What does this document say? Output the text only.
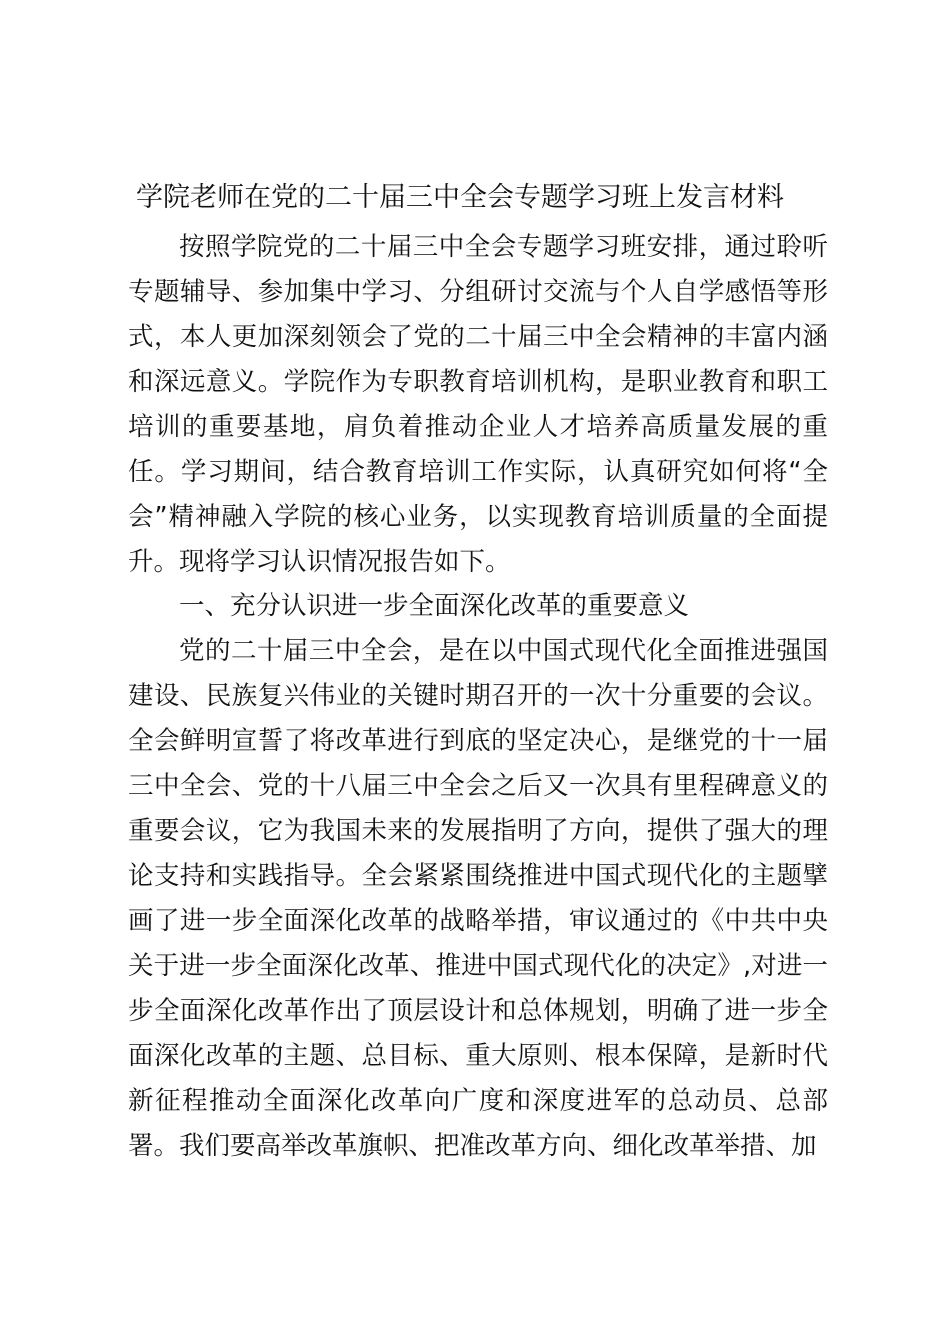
学院老师在党的二十届三中全会专题学习班上发言材料

按照学院党的二十届三中全会专题学习班安排，通过聆听专题辅导、参加集中学习、分组研讨交流与个人自学感悟等形式，本人更加深刻领会了党的二十届三中全会精神的丰富内涵和深远意义。学院作为专职教育培训机构，是职业教育和职工培训的重要基地，肩负着推动企业人才培养高质量发展的重任。学习期间，结合教育培训工作实际，认真研究如何将“全会”精神融入学院的核心业务，以实现教育培训质量的全面提升。现将学习认识情况报告如下。

一、充分认识进一步全面深化改革的重要意义

党的二十届三中全会，是在以中国式现代化全面推进强国建设、民族复兴伟业的关键时期召开的一次十分重要的会议。全会鲜明宣誓了将改革进行到底的坚定决心，是继党的十一届三中全会、党的十八届三中全会之后又一次具有里程碑意义的重要会议，它为我国未来的发展指明了方向，提供了强大的理论支持和实践指导。全会紧紧围绕推进中国式现代化的主题擘画了进一步全面深化改革的战略举措，审议通过的《中共中央关于进一步全面深化改革、推进中国式现代化的决定》,对进一步全面深化改革作出了顶层设计和总体规划，明确了进一步全面深化改革的主题、总目标、重大原则、根本保障，是新时代新征程推动全面深化改革向广度和深度进军的总动员、总部署。我们要高举改革旗帜、把准改革方向、细化改革举措、加
